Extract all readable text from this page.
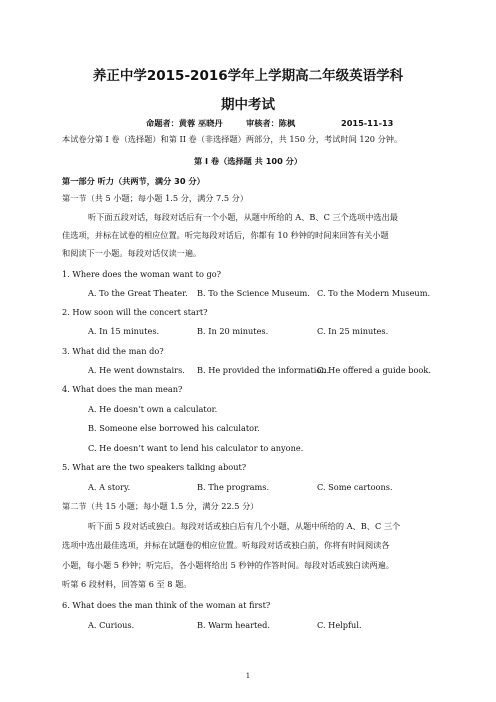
养正中学2015-2016学年上学期高二年级英语学科
期中考试
命题者：黄蓉 巫晓丹	审核者：陈枫	2015-11-13
本试卷分第 I 卷（选择题）和第 II 卷（非选择题）两部分，共 150 分，考试时间 120 分钟。
第 I 卷（选择题 共 100 分）
第一部分 听力（共两节，满分 30 分）
第一节（共 5 小题；每小题 1.5 分，满分 7.5 分）
听下面五段对话，每段对话后有一个小题，从题中所给的 A、B、C 三个选项中选出最
佳选项，并标在试卷的相应位置。听完每段对话后，你都有 10 秒钟的时间来回答有关小题
和阅读下一小题。每段对话仅读一遍。
1. Where does the woman want to go?
A. To the Great Theater. B. To the Science Museum. C. To the Modern Museum.
2. How soon will the concert start?
A. In 15 minutes.	B. In 20 minutes.	C. In 25 minutes.
3. What did the man do?
A. He went downstairs. B. He provided the information.
C. He offered a guide book.
4. What does the man mean?
A. He doesn’t own a calculator.
B. Someone else borrowed his calculator.
C. He doesn’t want to lend his calculator to anyone.
5. What are the two speakers talking about?
A. A story.	B. The programs.	C. Some cartoons.
第二节（共 15 小题；每小题 1.5 分，满分 22.5 分）
听下面 5 段对话或独白。每段对话或独白后有几个小题，从题中所给的 A、B、C 三个
选项中选出最佳选项，并标在试题卷的相应位置。听每段对话或独白前，你将有时间阅读各
小题，每小题 5 秒钟；听完后，各小题将给出 5 秒钟的作答时间。每段对话或独白读两遍。
听第 6 段材料，回答第 6 至 8 题。
6. What does the man think of the woman at first?
A. Curious.	B. Warm hearted.	C. Helpful.
1
